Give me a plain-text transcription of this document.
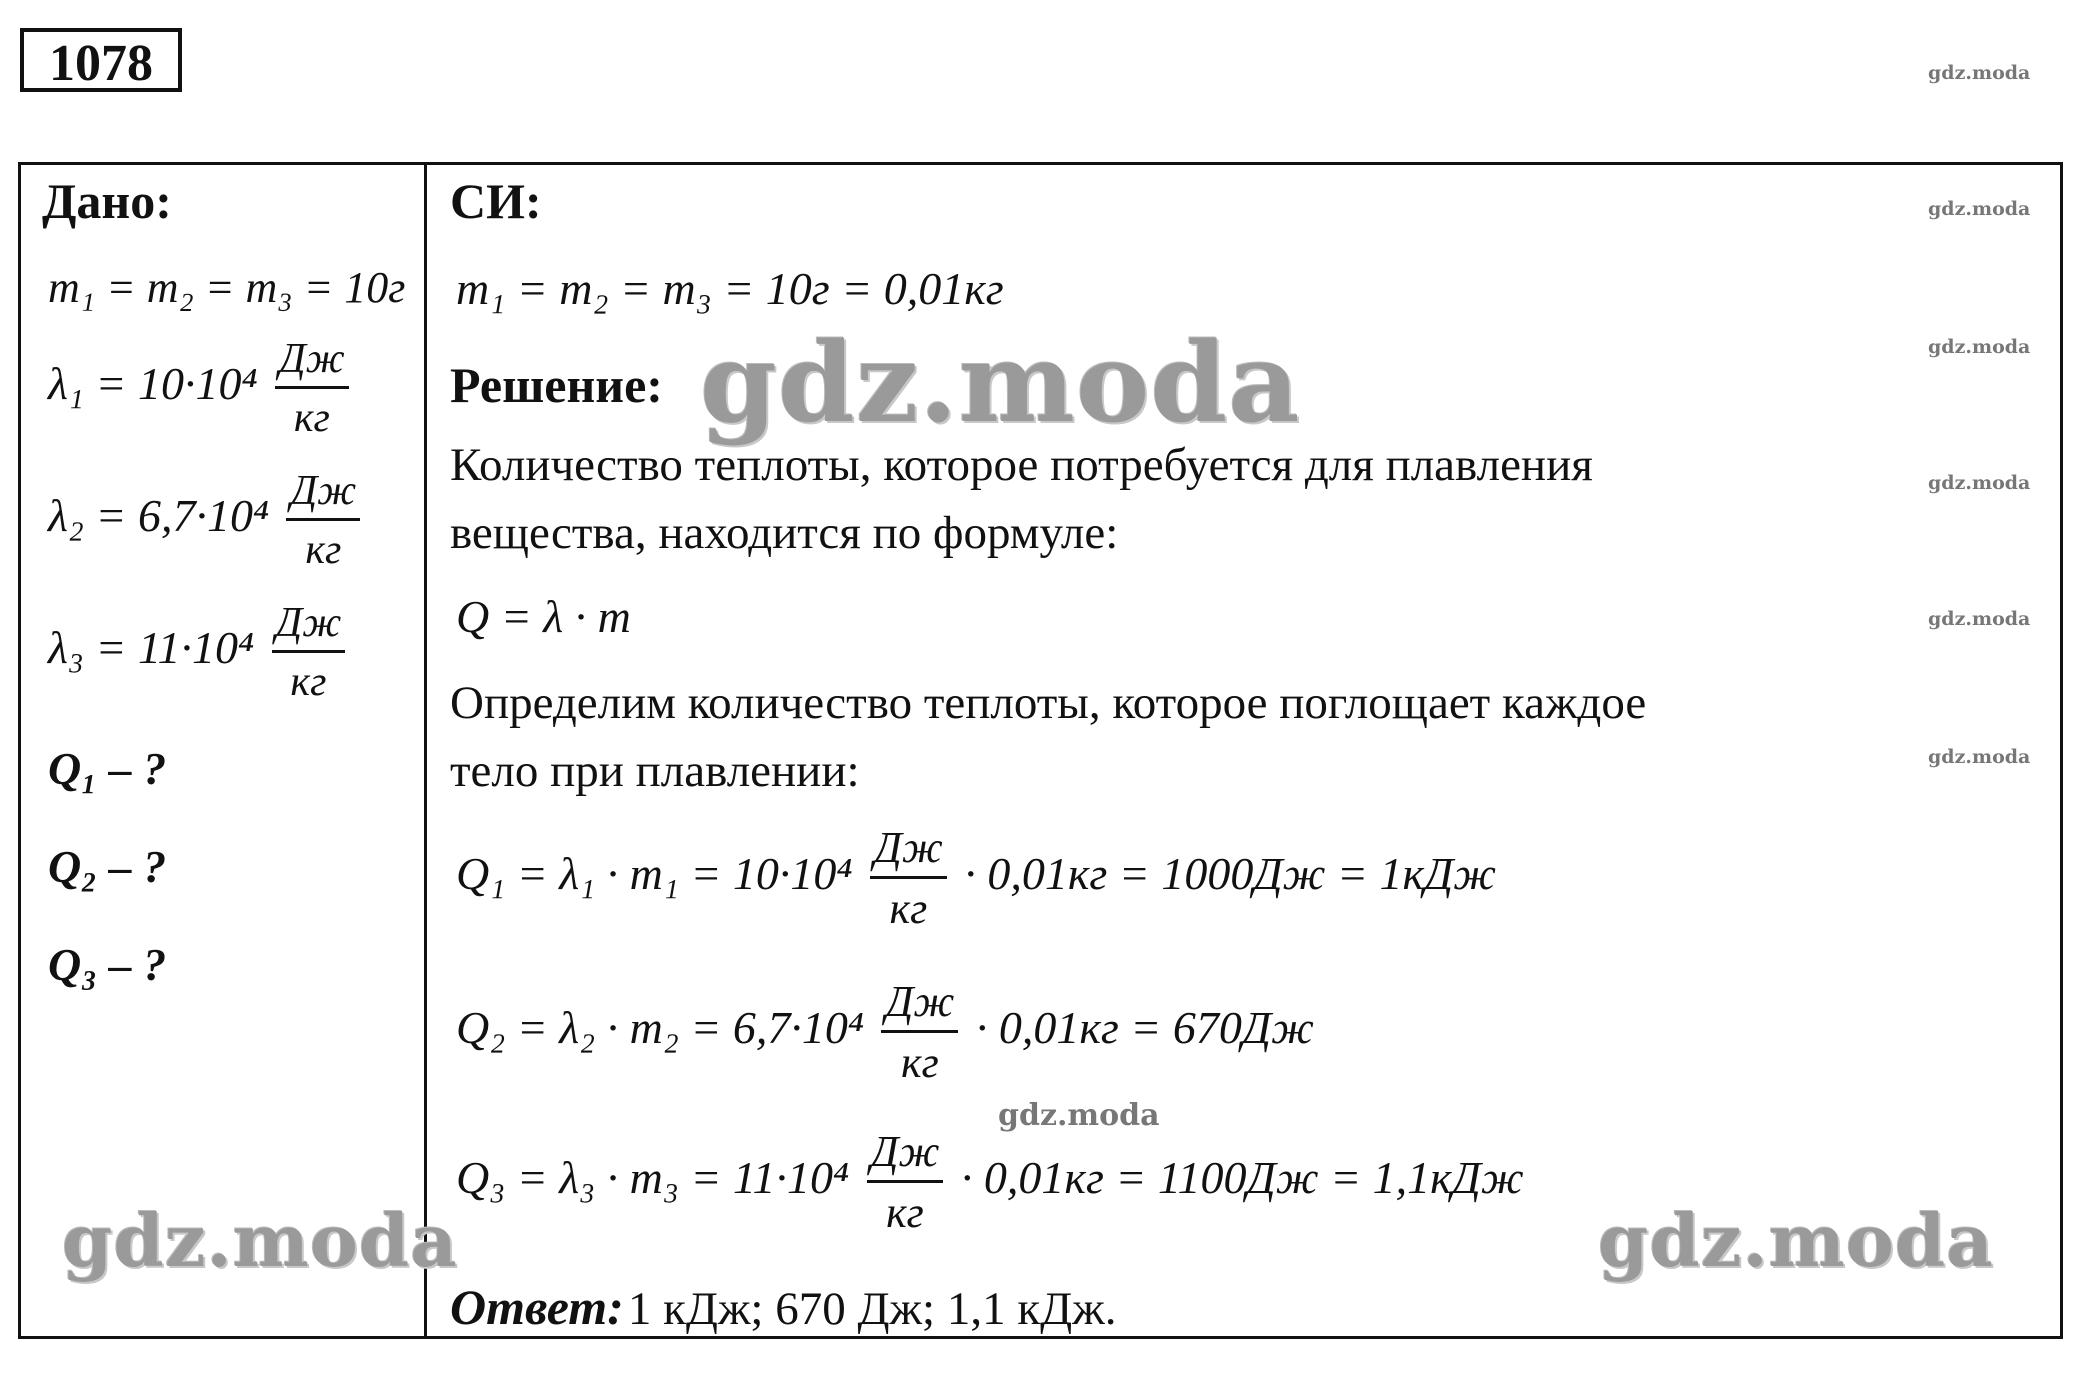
1078	gdz.moda
gdz.moda
gdz.moda
gdz.moda
gdz.moda
gdz.moda
gdz.moda
Дано:
m₁ = m₂ = m₃ = 10г
$\lambda_1 = 10\cdot 10^4 \frac{Дж}{кг}$
$\lambda_2 = 6,7\cdot 10^4 \frac{Дж}{кг}$
$\lambda_3 = 11\cdot 10^4 \frac{Дж}{кг}$
Q₁ – ?
Q₂ – ?
Q₃ – ?
СИ:
m₁ = m₂ = m₃ = 10г = 0,01кг
Решение: gdz.moda
Количество теплоты, которое потребуется для плавления
вещества, находится по формуле:
Q = λ · m
Определим количество теплоты, которое поглощает каждое
тело при плавлении:
$Q_1 = \lambda_1 \cdot m_1 = 10\cdot 10^4 \frac{Дж}{кг} \cdot 0,01кг = 1000Дж = 1кДж$
$Q_2 = \lambda_2 \cdot m_2 = 6,7\cdot 10^4 \frac{Дж}{кг} \cdot 0,01кг = 670Дж$
$Q_3 = \lambda_3 \cdot m_3 = 11\cdot 10^4 \frac{Дж}{кг} \cdot 0,01кг = 1100Дж = 1,1кДж$
gdz.moda	gdz.moda
Ответ: 1 кДж; 670 Дж; 1,1 кДж.
